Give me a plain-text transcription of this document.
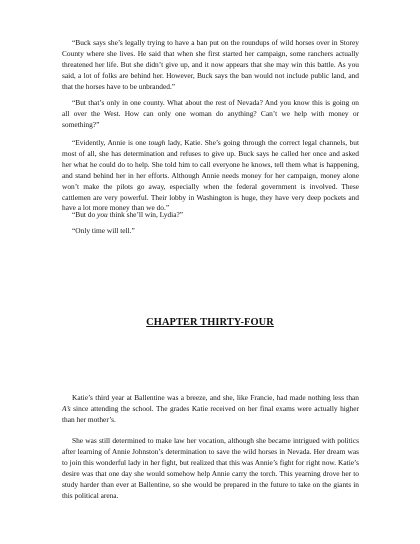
“Buck says she’s legally trying to have a ban put on the roundups of wild horses over in Storey County where she lives. He said that when she first started her campaign, some ranchers actually threatened her life. But she didn’t give up, and it now appears that she may win this battle. As you said, a lot of folks are behind her. However, Buck says the ban would not include public land, and that the horses have to be unbranded.”

“But that’s only in one county. What about the rest of Nevada? And you know this is going on all over the West. How can only one woman do anything? Can’t we help with money or something?”

“Evidently, Annie is one tough lady, Katie. She’s going through the correct legal channels, but most of all, she has determination and refuses to give up. Buck says he called her once and asked her what he could do to help. She told him to call everyone he knows, tell them what is happening, and stand behind her in her efforts. Although Annie needs money for her campaign, money alone won’t make the pilots go away, especially when the federal government is involved. These cattlemen are very powerful. Their lobby in Washington is huge, they have very deep pockets and have a lot more money than we do.”

“But do you think she’ll win, Lydia?”

“Only time will tell.”

CHAPTER THIRTY-FOUR

Katie’s third year at Ballentine was a breeze, and she, like Francie, had made nothing less than A’s since attending the school. The grades Katie received on her final exams were actually higher than her mother’s.

She was still determined to make law her vocation, although she became intrigued with politics after learning of Annie Johnston’s determination to save the wild horses in Nevada. Her dream was to join this wonderful lady in her fight, but realized that this was Annie’s fight for right now. Katie’s desire was that one day she would somehow help Annie carry the torch. This yearning drove her to study harder than ever at Ballentine, so she would be prepared in the future to take on the giants in this political arena.
